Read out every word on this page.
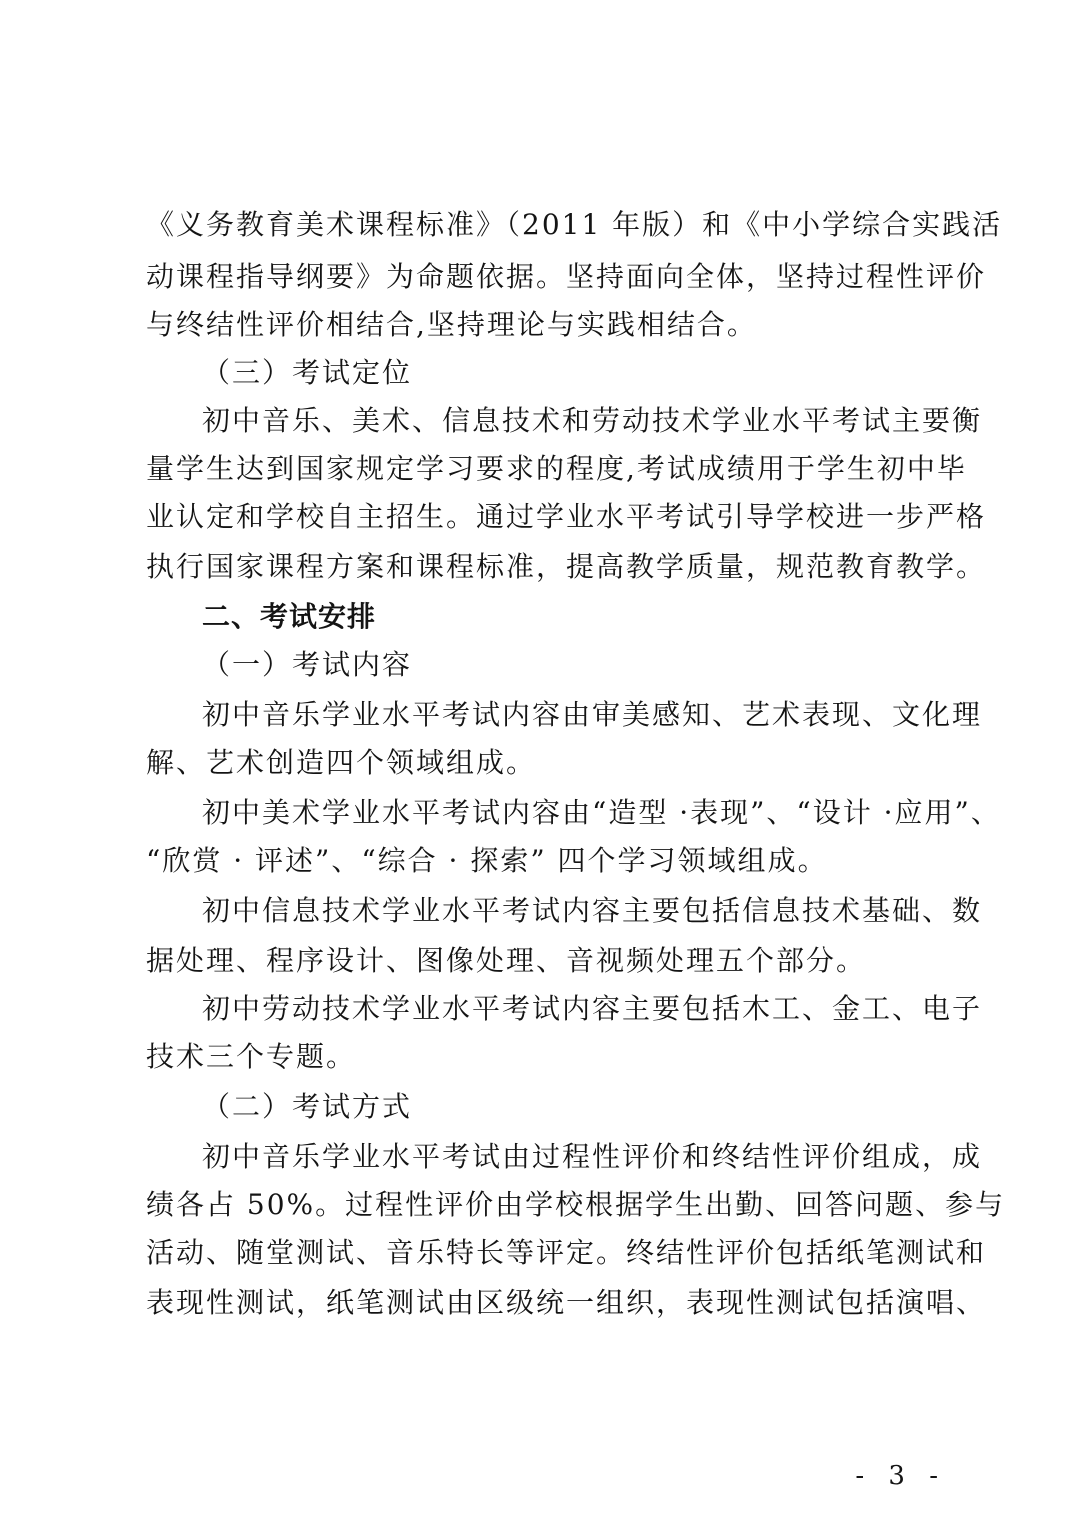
《义务教育美术课程标准》（2011 年版）和《中小学综合实践活
动课程指导纲要》为命题依据。坚持面向全体，坚持过程性评价
与终结性评价相结合,坚持理论与实践相结合。
（三）考试定位
初中音乐、美术、信息技术和劳动技术学业水平考试主要衡
量学生达到国家规定学习要求的程度,考试成绩用于学生初中毕
业认定和学校自主招生。通过学业水平考试引导学校进一步严格
执行国家课程方案和课程标准，提高教学质量，规范教育教学。
二、考试安排
（一）考试内容
初中音乐学业水平考试内容由审美感知、艺术表现、文化理
解、艺术创造四个领域组成。
初中美术学业水平考试内容由“造型 ·表现”、“设计 ·应用”、
“欣赏 · 评述”、“综合 · 探索” 四个学习领域组成。
初中信息技术学业水平考试内容主要包括信息技术基础、数
据处理、程序设计、图像处理、音视频处理五个部分。
初中劳动技术学业水平考试内容主要包括木工、金工、电子
技术三个专题。
（二）考试方式
初中音乐学业水平考试由过程性评价和终结性评价组成，成
绩各占 50%。过程性评价由学校根据学生出勤、回答问题、参与
活动、随堂测试、音乐特长等评定。终结性评价包括纸笔测试和
表现性测试，纸笔测试由区级统一组织，表现性测试包括演唱、
- 3 -
